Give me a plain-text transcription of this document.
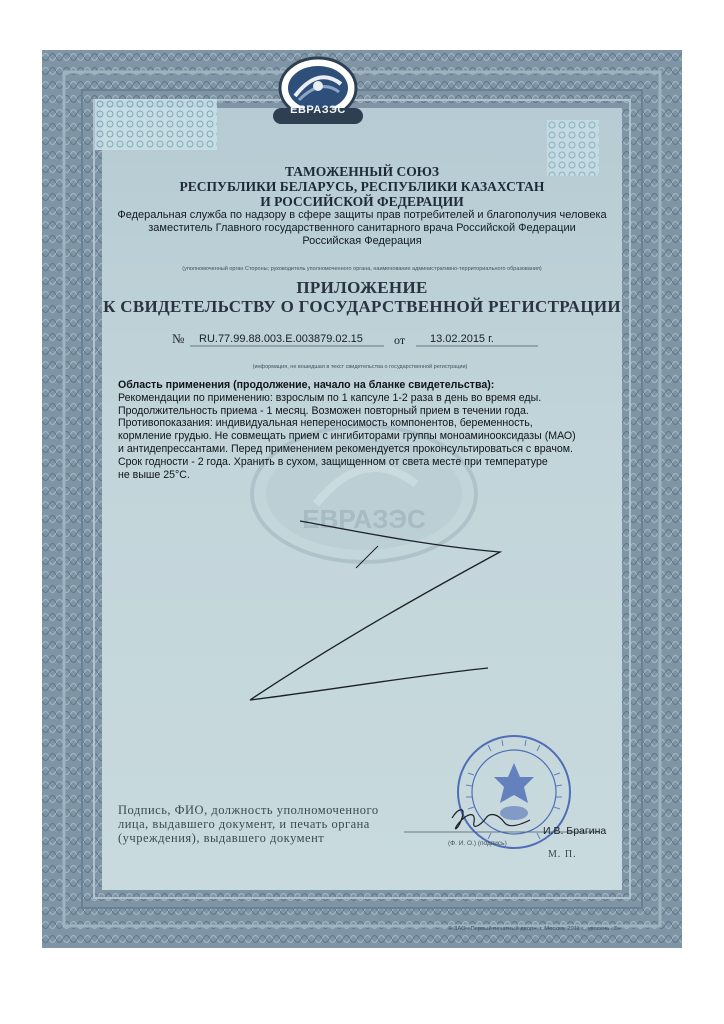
ЕВРАЗЭС
ТАМОЖЕННЫЙ СОЮЗ
РЕСПУБЛИКИ БЕЛАРУСЬ, РЕСПУБЛИКИ КАЗАХСТАН
И РОССИЙСКОЙ ФЕДЕРАЦИИ
Федеральная служба по надзору в сфере защиты прав потребителей и благополучия человека
заместитель Главного государственного санитарного врача Российской Федерации
Российская Федерация
(уполномоченный орган Стороны; руководитель уполномоченного органа, наименование административно-территориального образования)
ПРИЛОЖЕНИЕ
К СВИДЕТЕЛЬСТВУ О ГОСУДАРСТВЕННОЙ РЕГИСТРАЦИИ
№ RU.77.99.88.003.Е.003879.02.15	от 13.02.2015 г.
(информация, не вошедшая в текст свидетельства о государственной регистрации)
ЕВРАЗЭС
Область применения (продолжение, начало на бланке свидетельства):
Рекомендации по применению: взрослым по 1 капсуле 1-2 раза в день во время еды.
Продолжительность приема - 1 месяц. Возможен повторный прием в течении года.
Противопоказания: индивидуальная непереносимость компонентов, беременность,
кормление грудью. Не совмещать прием с ингибиторами группы моноаминооксидазы (МАО)
и антидепрессантами. Перед применением рекомендуется проконсультироваться с врачом.
Срок годности - 2 года. Хранить в сухом, защищенном от света месте при температуре
не выше 25°С.
Подпись, ФИО, должность уполномоченного
лица, выдавшего документ, и печать органа
(учреждения), выдавшего документ	И.В. Брагина
(Ф. И. О.) (подпись)
М. П.
© ЗАО «Первый печатный двор», г. Москва, 2011 г., уровень «Б»
